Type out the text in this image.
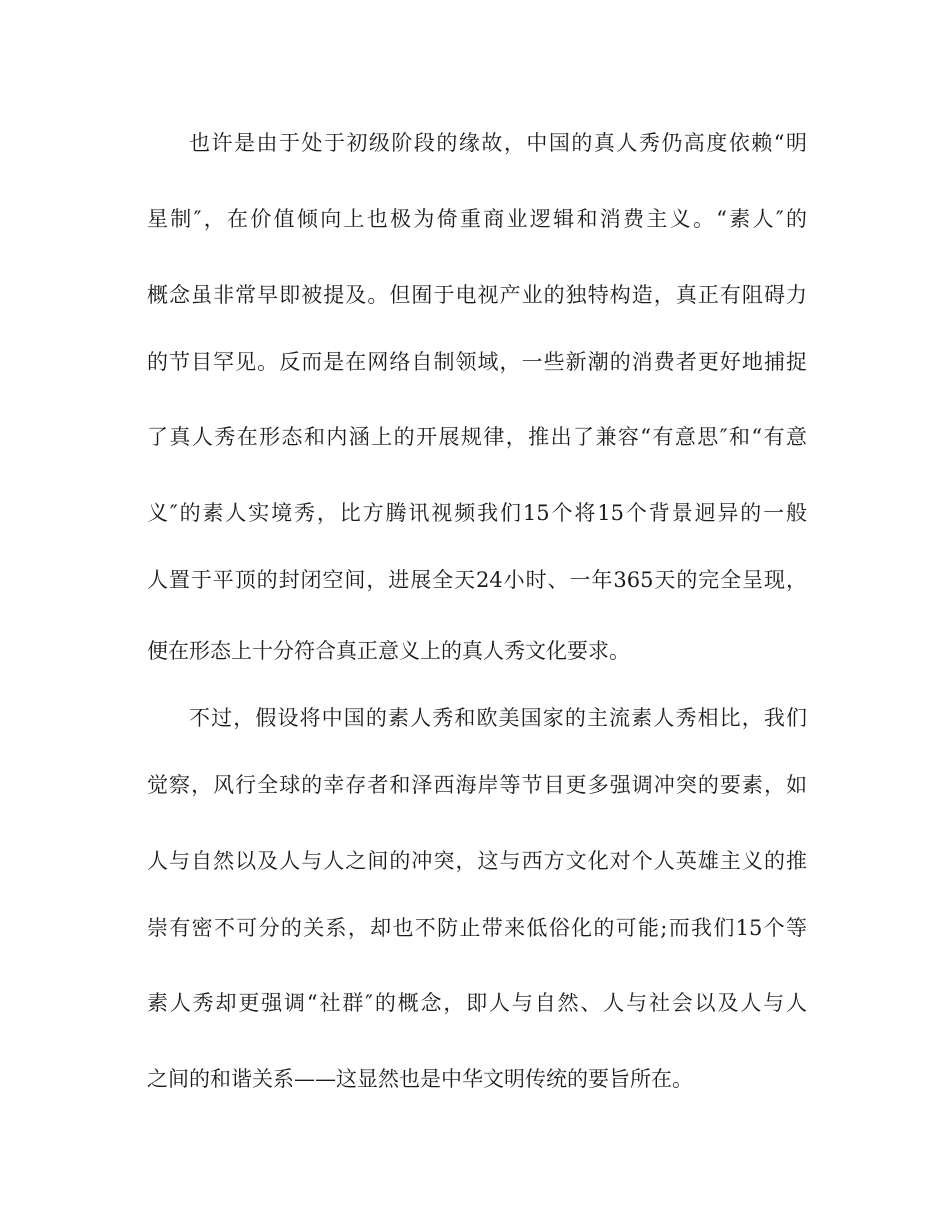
也许是由于处于初级阶段的缘故，中国的真人秀仍高度依赖“明
星制″，在价值倾向上也极为倚重商业逻辑和消费主义。“素人″的
概念虽非常早即被提及。但囿于电视产业的独特构造，真正有阻碍力
的节目罕见。反而是在网络自制领域，一些新潮的消费者更好地捕捉
了真人秀在形态和内涵上的开展规律，推出了兼容“有意思″和“有意
义″的素人实境秀，比方腾讯视频我们15个将15个背景迥异的一般
人置于平顶的封闭空间，进展全天24小时、一年365天的完全呈现，
便在形态上十分符合真正意义上的真人秀文化要求。
不过，假设将中国的素人秀和欧美国家的主流素人秀相比，我们
觉察，风行全球的幸存者和泽西海岸等节目更多强调冲突的要素，如
人与自然以及人与人之间的冲突，这与西方文化对个人英雄主义的推
崇有密不可分的关系，却也不防止带来低俗化的可能;而我们15个等
素人秀却更强调“社群″的概念，即人与自然、人与社会以及人与人
之间的和谐关系——这显然也是中华文明传统的要旨所在。
